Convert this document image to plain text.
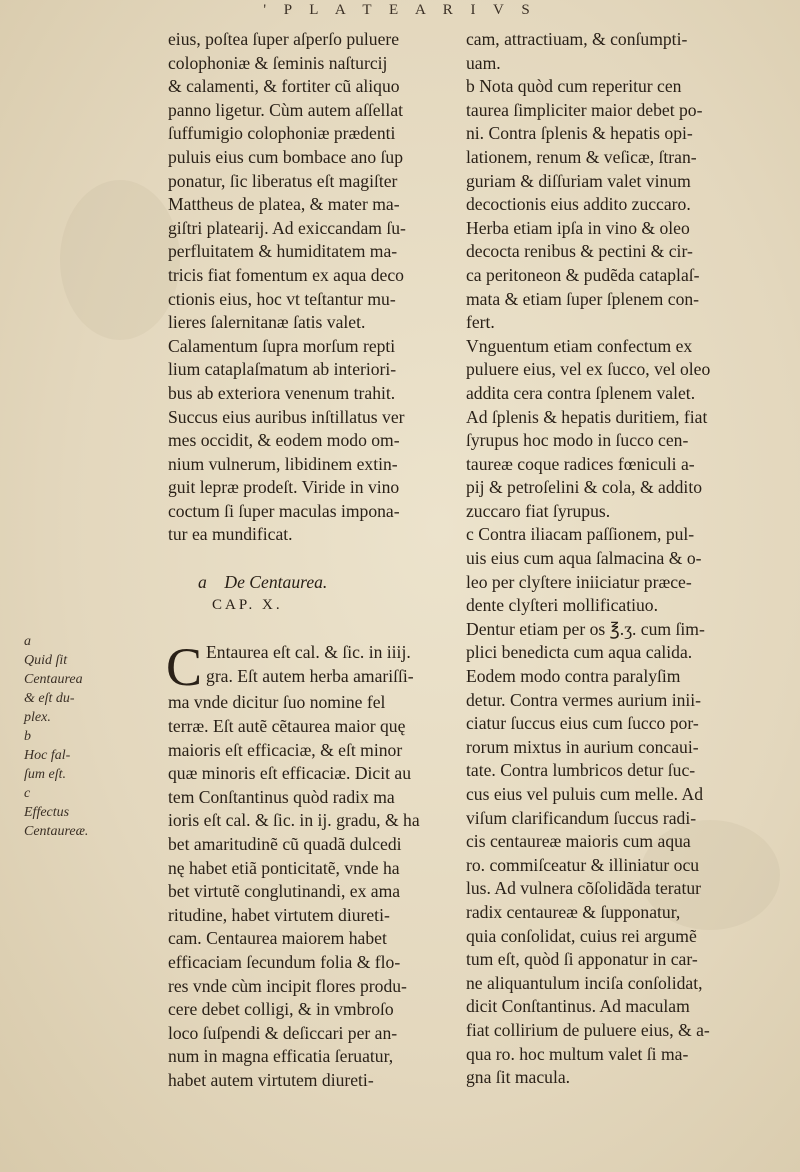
' P L A T E A R I V S
eius, poſtea ſuper aſperſo puluere
colophoniæ & ſeminis naſturcij
& calamenti, & fortiter cũ aliquo
panno ligetur. Cùm autem aſſellat
ſuffumigio colophoniæ prædenti
puluis eius cum bombace ano ſup
ponatur, ſic liberatus eſt magiſter
Mattheus de platea, & mater ma-
giſtri platearij. Ad exiccandam ſu-
perfluitatem & humiditatem ma-
tricis fiat fomentum ex aqua deco
ctionis eius, hoc vt teſtantur mu-
lieres ſalernitanæ ſatis valet.
Calamentum ſupra morſum repti
lium cataplaſmatum ab interiori-
bus ab exteriora venenum trahit.
Succus eius auribus inſtillatus ver
mes occidit, & eodem modo om-
nium vulnerum, libidinem extin-
guit lepræ prodeſt. Viride in vino
coctum ſi ſuper maculas impona-
tur ea mundificat.
a De Centaurea.
CAP. X.
C Entaurea eſt cal. & ſic. in iiij.
gra. Eſt autem herba amariſſi-
ma vnde dicitur ſuo nomine fel
terræ. Eſt autẽ cẽtaurea maior quę
maioris eſt efficaciæ, & eſt minor
quæ minoris eſt efficaciæ. Dicit au
tem Conſtantinus quòd radix ma
ioris eſt cal. & ſic. in ij. gradu, & ha
bet amaritudinẽ cũ quadã dulcedi
nę habet etiã ponticitatẽ, vnde ha
bet virtutẽ conglutinandi, ex ama
ritudine, habet virtutem diureti-
cam. Centaurea maiorem habet
efficaciam ſecundum folia & flo-
res vnde cùm incipit flores produ-
cere debet colligi, & in vmbroſo
loco ſuſpendi & deſiccari per an-
num in magna efficatia ſeruatur,
habet autem virtutem diureti-
a
Quid ſit
Centaurea
& eſt du-
plex.
b
Hoc fal-
ſum eſt.
c
Effectus
Centaureæ.
cam, attractiuam, & conſumpti-
uam.
b Nota quòd cum reperitur cen
taurea ſimpliciter maior debet po-
ni. Contra ſplenis & hepatis opi-
lationem, renum & veſicæ, ſtran-
guriam & diſſuriam valet vinum
decoctionis eius addito zuccaro.
Herba etiam ipſa in vino & oleo
decocta renibus & pectini & cir-
ca peritoneon & pudẽda cataplaſ-
mata & etiam ſuper ſplenem con-
fert.
Vnguentum etiam confectum ex
puluere eius, vel ex ſucco, vel oleo
addita cera contra ſplenem valet.
Ad ſplenis & hepatis duritiem, fiat
ſyrupus hoc modo in ſucco cen-
taureæ coque radices fœniculi a-
pij & petroſelini & cola, & addito
zuccaro fiat ſyrupus.
c Contra iliacam paſſionem, pul-
uis eius cum aqua ſalmacina & o-
leo per clyſtere iniiciatur præce-
dente clyſteri mollificatiuo.
Dentur etiam per os ℥.ʒ. cum ſim-
plici benedicta cum aqua calida.
Eodem modo contra paralyſim
detur. Contra vermes aurium inii-
ciatur ſuccus eius cum ſucco por-
rorum mixtus in aurium concaui-
tate. Contra lumbricos detur ſuc-
cus eius vel puluis cum melle. Ad
viſum clarificandum ſuccus radi-
cis centaureæ maioris cum aqua
ro. commiſceatur & illiniatur ocu
lus. Ad vulnera cõſolidãda teratur
radix centaureæ & ſupponatur,
quia conſolidat, cuius rei argumẽ
tum eſt, quòd ſi apponatur in car-
ne aliquantulum inciſa conſolidat,
dicit Conſtantinus. Ad maculam
fiat collirium de puluere eius, & a-
qua ro. hoc multum valet ſi ma-
gna ſit macula.
